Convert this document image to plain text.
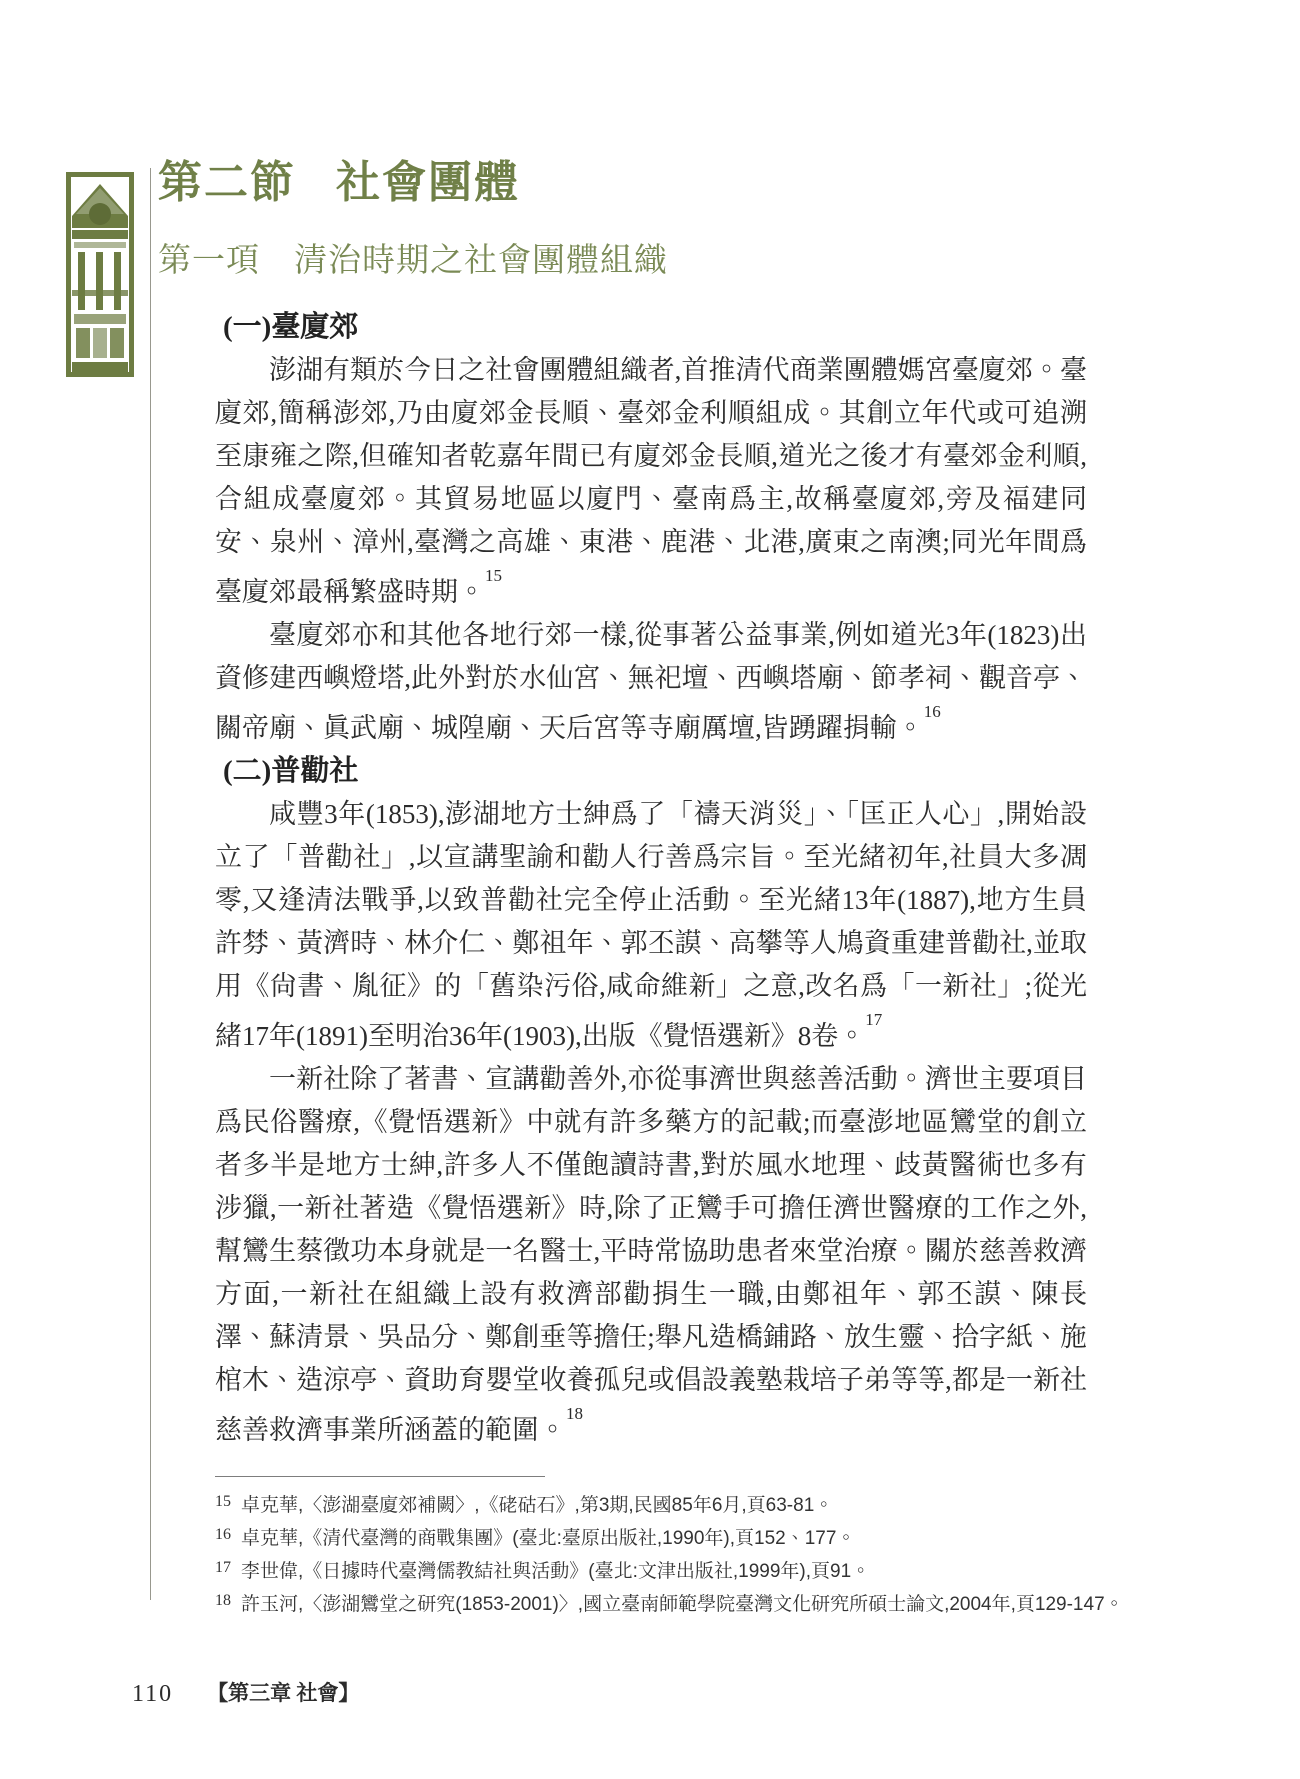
第二節 社會團體
第一項 清治時期之社會團體組織
(一)臺廈郊

澎湖有類於今日之社會團體組織者,首推清代商業團體媽宮臺廈郊。臺廈郊,簡稱澎郊,乃由廈郊金長順、臺郊金利順組成。其創立年代或可追溯至康雍之際,但確知者乾嘉年間已有廈郊金長順,道光之後才有臺郊金利順,合組成臺廈郊。其貿易地區以廈門、臺南爲主,故稱臺廈郊,旁及福建同安、泉州、漳州,臺灣之高雄、東港、鹿港、北港,廣東之南澳;同光年間爲臺廈郊最稱繁盛時期。$^{15}$

臺廈郊亦和其他各地行郊一樣,從事著公益事業,例如道光3年(1823)出資修建西嶼燈塔,此外對於水仙宮、無祀壇、西嶼塔廟、節孝祠、觀音亭、關帝廟、眞武廟、城隍廟、天后宮等寺廟厲壇,皆踴躍捐輸。$^{16}$

(二)普勸社

咸豐3年(1853),澎湖地方士紳爲了「禱天消災」、「匡正人心」,開始設立了「普勸社」,以宣講聖諭和勸人行善爲宗旨。至光緒初年,社員大多凋零,又逢清法戰爭,以致普勸社完全停止活動。至光緒13年(1887),地方生員許棼、黃濟時、林介仁、鄭祖年、郭丕謨、高攀等人鳩資重建普勸社,並取用《尙書、胤征》的「舊染污俗,咸命維新」之意,改名爲「一新社」;從光緒17年(1891)至明治36年(1903),出版《覺悟選新》8卷。$^{17}$

一新社除了著書、宣講勸善外,亦從事濟世與慈善活動。濟世主要項目爲民俗醫療,《覺悟選新》中就有許多藥方的記載;而臺澎地區鸞堂的創立者多半是地方士紳,許多人不僅飽讀詩書,對於風水地理、歧黃醫術也多有涉獵,一新社著造《覺悟選新》時,除了正鸞手可擔任濟世醫療的工作之外,幫鸞生蔡徵功本身就是一名醫士,平時常協助患者來堂治療。關於慈善救濟方面,一新社在組織上設有救濟部勸捐生一職,由鄭祖年、郭丕謨、陳長澤、蘇清景、吳品分、鄭創垂等擔任;舉凡造橋鋪路、放生靈、拾字紙、施棺木、造涼亭、資助育嬰堂收養孤兒或倡設義塾栽培子弟等等,都是一新社慈善救濟事業所涵蓋的範圍。$^{18}$

15 卓克華,〈澎湖臺廈郊補闕〉,《硓𥑮石》,第3期,民國85年6月,頁63-81。
16 卓克華,《清代臺灣的商戰集團》(臺北:臺原出版社,1990年),頁152、177。
17 李世偉,《日據時代臺灣儒教結社與活動》(臺北:文津出版社,1999年),頁91。
18 許玉河,〈澎湖鸞堂之研究(1853-2001)〉,國立臺南師範學院臺灣文化研究所碩士論文,2004年,頁129-147。
110 【第三章 社會】
